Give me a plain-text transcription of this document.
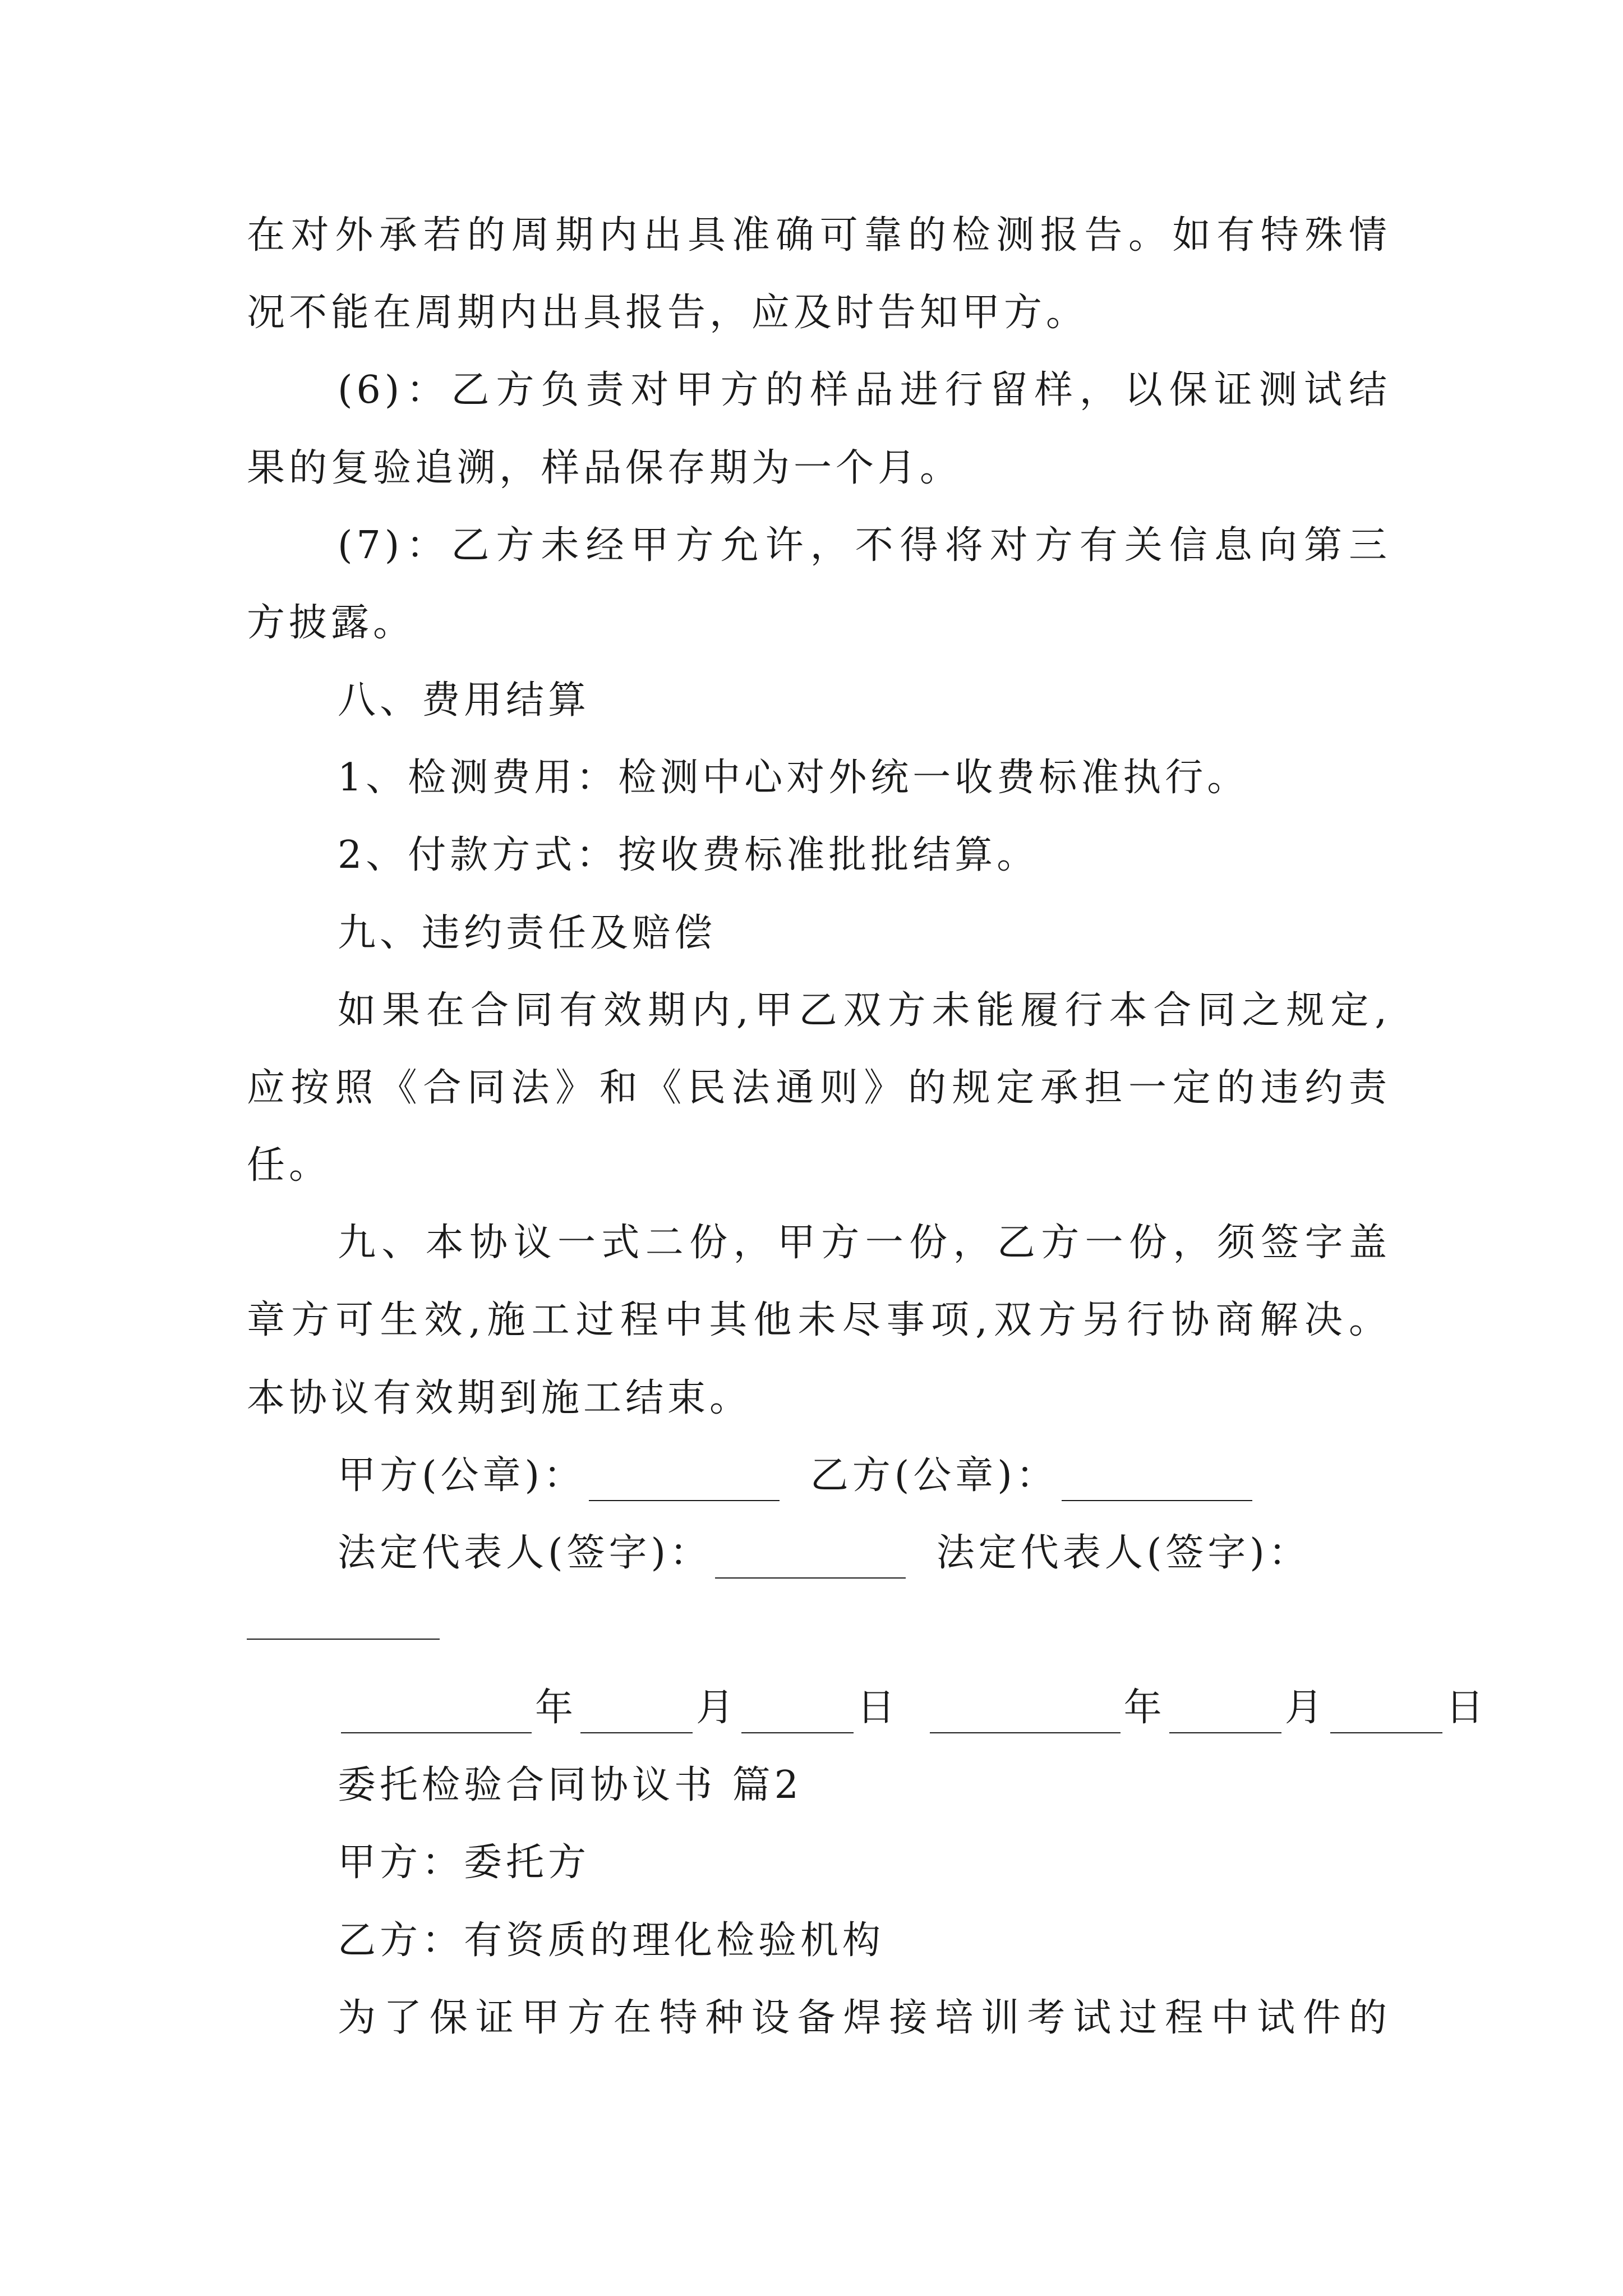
在对外承若的周期内出具准确可靠的检测报告。如有特殊情
况不能在周期内出具报告，应及时告知甲方。
(6)：乙方负责对甲方的样品进行留样，以保证测试结
果的复验追溯，样品保存期为一个月。
(7)：乙方未经甲方允许，不得将对方有关信息向第三
方披露。
八、费用结算
1、检测费用：检测中心对外统一收费标准执行。
2、付款方式：按收费标准批批结算。
九、违约责任及赔偿
如果在合同有效期内,甲乙双方未能履行本合同之规定,
应按照《合同法》和《民法通则》的规定承担一定的违约责
任。
九、本协议一式二份，甲方一份，乙方一份，须签字盖
章方可生效,施工过程中其他未尽事项,双方另行协商解决。
本协议有效期到施工结束。
甲方(公章)：	乙方(公章)：
法定代表人(签字)：	法定代表人(签字)：
年	月	日	年	月	日
委托检验合同协议书 篇2
甲方：委托方
乙方：有资质的理化检验机构
为了保证甲方在特种设备焊接培训考试过程中试件的
